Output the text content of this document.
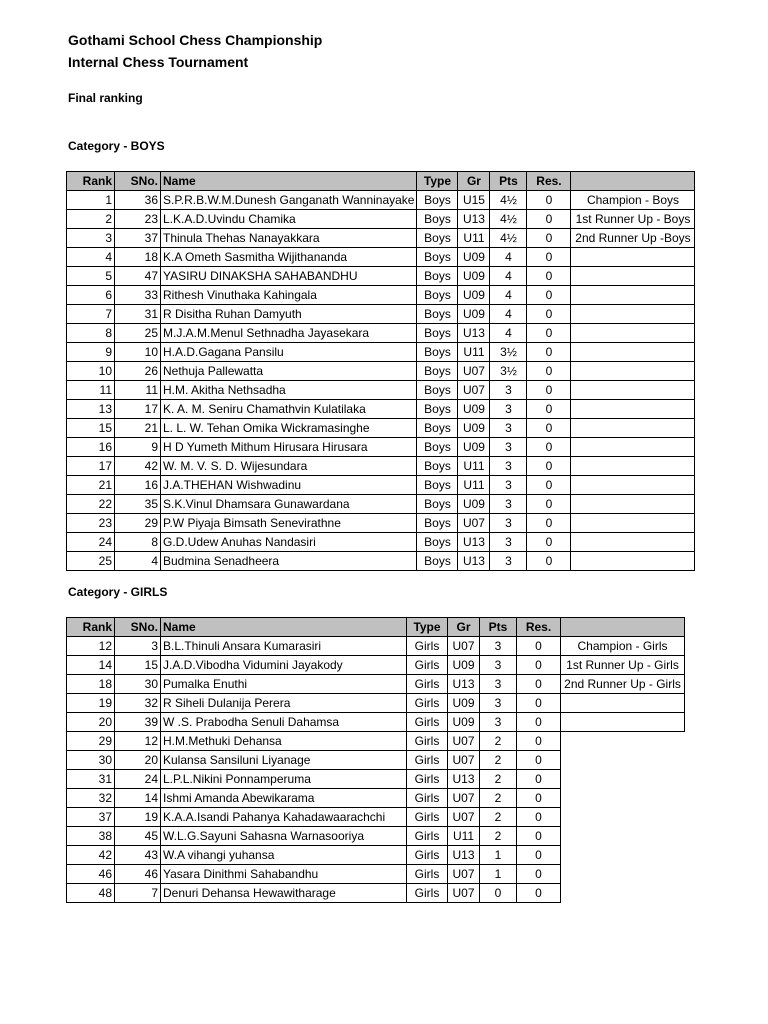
Gothami School Chess Championship
Internal Chess Tournament
Final ranking
Category - BOYS
Rank	SNo.	Name	Type	Gr	Pts	Res.	
1	36	S.P.R.B.W.M.Dunesh Ganganath Wanninayake	Boys	U15	4½	0	Champion - Boys
2	23	L.K.A.D.Uvindu Chamika	Boys	U13	4½	0	1st Runner Up - Boys
3	37	Thinula Thehas Nanayakkara	Boys	U11	4½	0	2nd Runner Up -Boys
4	18	K.A Ometh Sasmitha Wijithananda	Boys	U09	4	0	
5	47	YASIRU DINAKSHA SAHABANDHU	Boys	U09	4	0	
6	33	Rithesh Vinuthaka Kahingala	Boys	U09	4	0	
7	31	R Disitha Ruhan Damyuth	Boys	U09	4	0	
8	25	M.J.A.M.Menul Sethnadha Jayasekara	Boys	U13	4	0	
9	10	H.A.D.Gagana Pansilu	Boys	U11	3½	0	
10	26	Nethuja Pallewatta	Boys	U07	3½	0	
11	11	H.M. Akitha Nethsadha	Boys	U07	3	0	
13	17	K. A. M. Seniru Chamathvin Kulatilaka	Boys	U09	3	0	
15	21	L. L. W. Tehan Omika Wickramasinghe	Boys	U09	3	0	
16	9	H D Yumeth Mithum Hirusara Hirusara	Boys	U09	3	0	
17	42	W. M. V. S. D. Wijesundara	Boys	U11	3	0	
21	16	J.A.THEHAN Wishwadinu	Boys	U11	3	0	
22	35	S.K.Vinul Dhamsara Gunawardana	Boys	U09	3	0	
23	29	P.W Piyaja Bimsath Senevirathne	Boys	U07	3	0	
24	8	G.D.Udew Anuhas Nandasiri	Boys	U13	3	0	
25	4	Budmina Senadheera	Boys	U13	3	0	
Category - GIRLS
Rank	SNo.	Name	Type	Gr	Pts	Res.	
12	3	B.L.Thinuli Ansara Kumarasiri	Girls	U07	3	0	Champion - Girls
14	15	J.A.D.Vibodha Vidumini Jayakody	Girls	U09	3	0	1st Runner Up - Girls
18	30	Pumalka Enuthi	Girls	U13	3	0	2nd Runner Up - Girls
19	32	R Siheli Dulanija Perera	Girls	U09	3	0	
20	39	W .S. Prabodha Senuli Dahamsa	Girls	U09	3	0	
29	12	H.M.Methuki Dehansa	Girls	U07	2	0	
30	20	Kulansa Sansiluni Liyanage	Girls	U07	2	0	
31	24	L.P.L.Nikini Ponnamperuma	Girls	U13	2	0	
32	14	Ishmi Amanda Abewikarama	Girls	U07	2	0	
37	19	K.A.A.Isandi Pahanya Kahadawaarachchi	Girls	U07	2	0	
38	45	W.L.G.Sayuni Sahasna Warnasooriya	Girls	U11	2	0	
42	43	W.A vihangi yuhansa	Girls	U13	1	0	
46	46	Yasara Dinithmi Sahabandhu	Girls	U07	1	0	
48	7	Denuri Dehansa Hewawitharage	Girls	U07	0	0	
